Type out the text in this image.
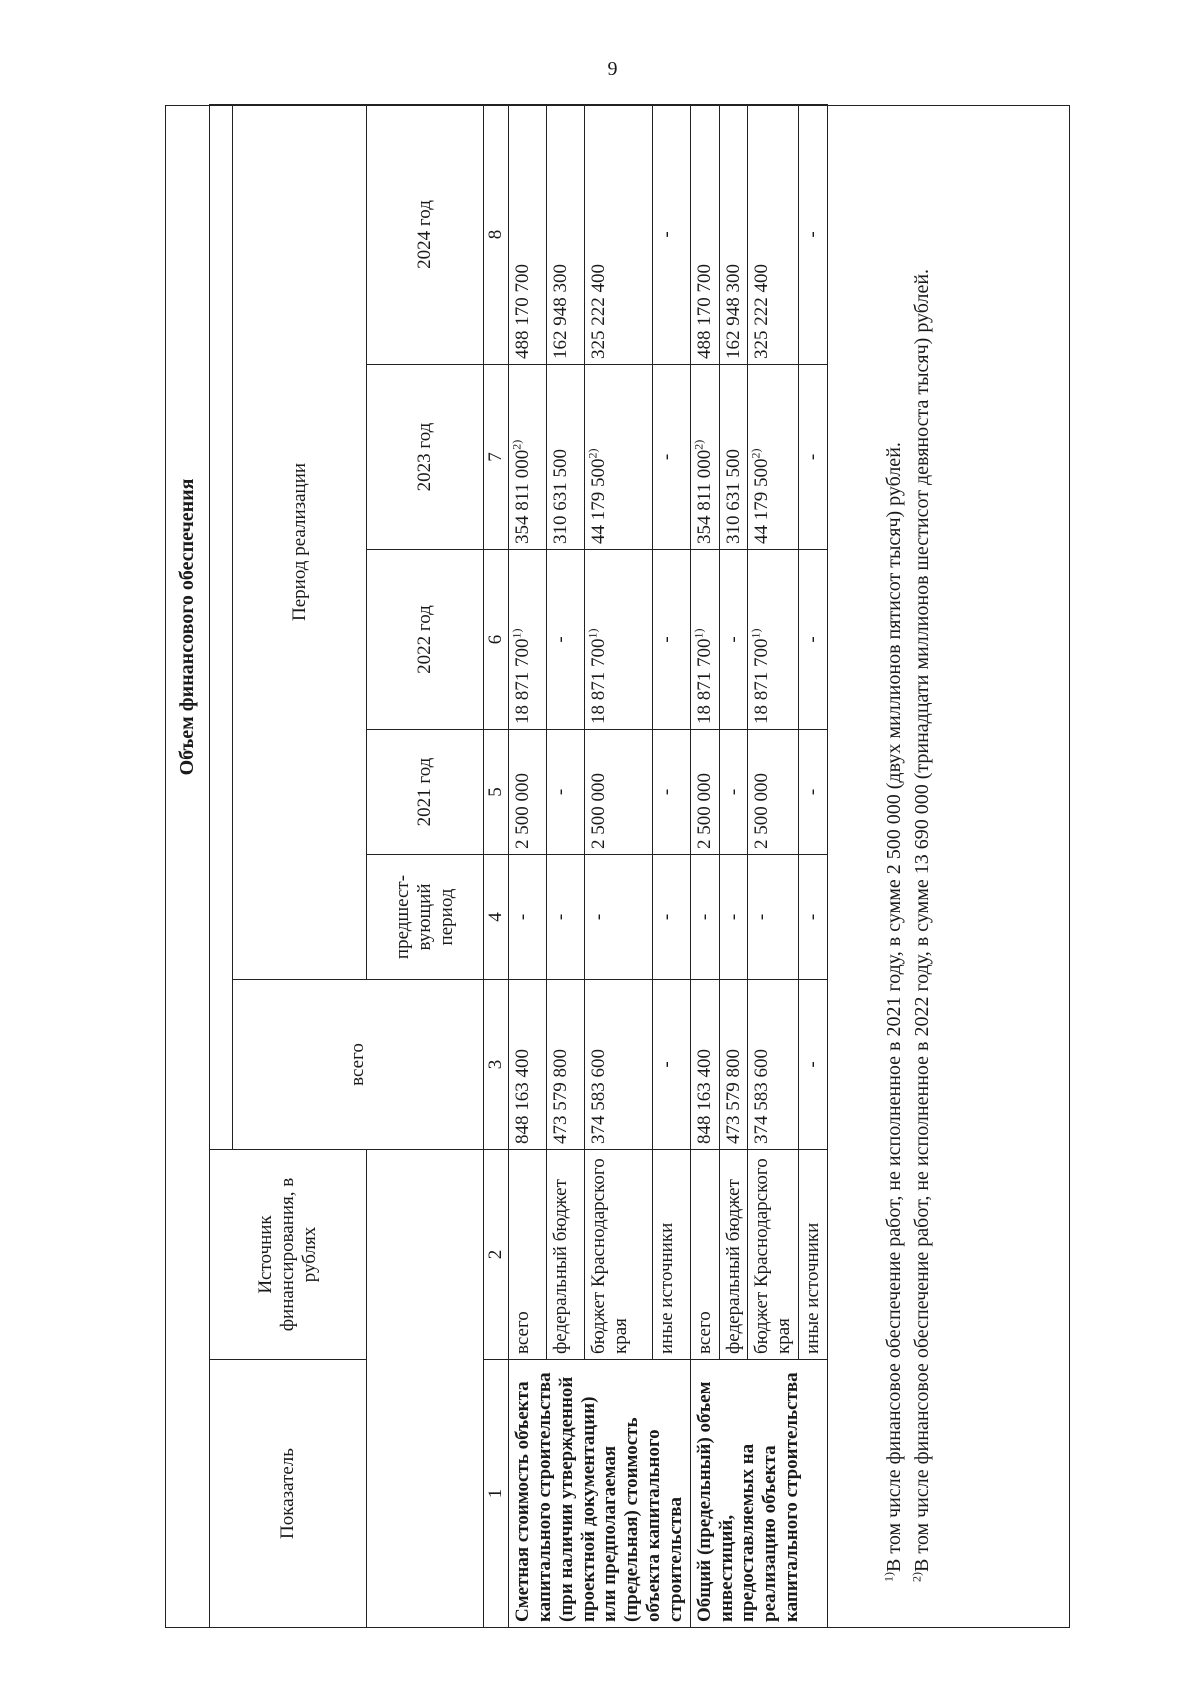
9
		Объем финансового обеспечения					
Показатель	Источник финансирования, в рублях						
		всего	Период реализации				
			предшест-вующий период	2021 год	2022 год	2023 год	2024 год
1	2	3	4	5	6	7	8
Сметная стоимость объекта капитального строительства (при наличии утвержденной проектной документации) или предполагаемая (предельная) стоимость объекта капитального строительства	всего	848 163 400	-	2 500 000	18 871 700$^{1)}$	354 811 000$^{2)}$	488 170 700
	федеральный бюджет	473 579 800	-	-	-	310 631 500	162 948 300
	бюджет Краснодарского края	374 583 600	-	2 500 000	18 871 700$^{1)}$	44 179 500$^{2)}$	325 222 400
	иные источники	-	-	-	-	-	-
Общий (предельный) объем инвестиций, предоставляемых на реализацию объекта капитального строительства	всего	848 163 400	-	2 500 000	18 871 700$^{1)}$	354 811 000$^{2)}$	488 170 700
	федеральный бюджет	473 579 800	-	-	-	310 631 500	162 948 300
	бюджет Краснодарского края	374 583 600	-	2 500 000	18 871 700$^{1)}$	44 179 500$^{2)}$	325 222 400
	иные источники	-	-	-	-	-	-

$^{1)}$В том числе финансовое обеспечение работ, не исполненное в 2021 году, в сумме 2 500 000 (двух миллионов пятисот тысяч) рублей.

$^{2)}$В том числе финансовое обеспечение работ, не исполненное в 2022 году, в сумме 13 690 000 (тринадцати миллионов шестисот девяноста тысяч) рублей.
